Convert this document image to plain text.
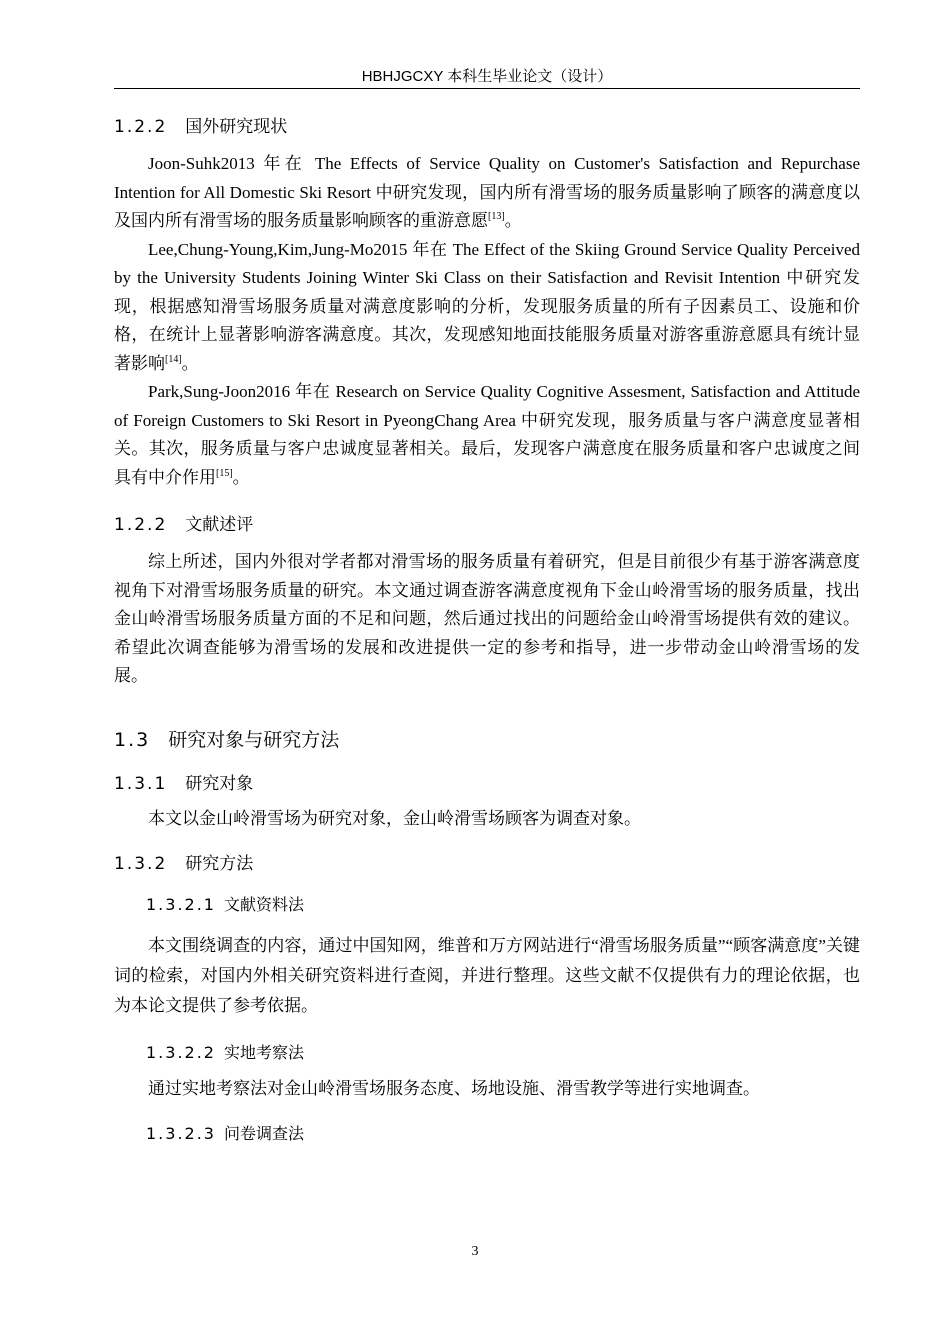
HBHJGCXY 本科生毕业论文（设计）
1.2.2 国外研究现状

Joon-Suhk2013 年在 The Effects of Service Quality on Customer's Satisfaction and Repurchase Intention for All Domestic Ski Resort 中研究发现，国内所有滑雪场的服务质量影响了顾客的满意度以及国内所有滑雪场的服务质量影响顾客的重游意愿[13]。

Lee,Chung-Young,Kim,Jung-Mo2015 年在 The Effect of the Skiing Ground Service Quality Perceived by the University Students Joining Winter Ski Class on their Satisfaction and Revisit Intention 中研究发现，根据感知滑雪场服务质量对满意度影响的分析，发现服务质量的所有子因素员工、设施和价格，在统计上显著影响游客满意度。其次，发现感知地面技能服务质量对游客重游意愿具有统计显著影响[14]。

Park,Sung-Joon2016 年在 Research on Service Quality Cognitive Assesment, Satisfaction and Attitude of Foreign Customers to Ski Resort in PyeongChang Area 中研究发现，服务质量与客户满意度显著相关。其次，服务质量与客户忠诚度显著相关。最后，发现客户满意度在服务质量和客户忠诚度之间具有中介作用[15]。

1.2.2 文献述评

综上所述，国内外很对学者都对滑雪场的服务质量有着研究，但是目前很少有基于游客满意度视角下对滑雪场服务质量的研究。本文通过调查游客满意度视角下金山岭滑雪场的服务质量，找出金山岭滑雪场服务质量方面的不足和问题，然后通过找出的问题给金山岭滑雪场提供有效的建议。希望此次调查能够为滑雪场的发展和改进提供一定的参考和指导，进一步带动金山岭滑雪场的发展。

1.3 研究对象与研究方法
1.3.1 研究对象

本文以金山岭滑雪场为研究对象，金山岭滑雪场顾客为调查对象。

1.3.2 研究方法
1.3.2.1 文献资料法

本文围绕调查的内容，通过中国知网，维普和万方网站进行“滑雪场服务质量”“顾客满意度”关键词的检索，对国内外相关研究资料进行查阅，并进行整理。这些文献不仅提供有力的理论依据，也为本论文提供了参考依据。

1.3.2.2 实地考察法

通过实地考察法对金山岭滑雪场服务态度、场地设施、滑雪教学等进行实地调查。

1.3.2.3 问卷调查法
3
